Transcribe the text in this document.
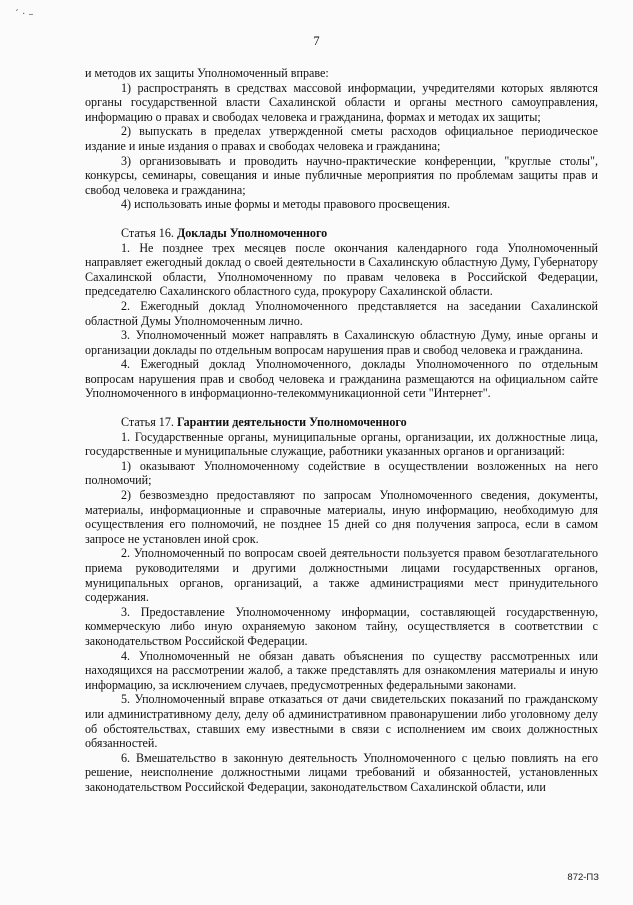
´ · –
7

и методов их защиты Уполномоченный вправе:

1) распространять в средствах массовой информации, учредителями которых являются органы государственной власти Сахалинской области и органы местного самоуправления, информацию о правах и свободах человека и гражданина, формах и методах их защиты;

2) выпускать в пределах утвержденной сметы расходов официальное периодическое издание и иные издания о правах и свободах человека и гражданина;

3) организовывать и проводить научно-практические конференции, "круглые столы", конкурсы, семинары, совещания и иные публичные мероприятия по проблемам защиты прав и свобод человека и гражданина;

4) использовать иные формы и методы правового просвещения.

Статья 16. Доклады Уполномоченного

1. Не позднее трех месяцев после окончания календарного года Уполномоченный направляет ежегодный доклад о своей деятельности в Сахалинскую областную Думу, Губернатору Сахалинской области, Уполномоченному по правам человека в Российской Федерации, председателю Сахалинского областного суда, прокурору Сахалинской области.

2. Ежегодный доклад Уполномоченного представляется на заседании Сахалинской областной Думы Уполномоченным лично.

3. Уполномоченный может направлять в Сахалинскую областную Думу, иные органы и организации доклады по отдельным вопросам нарушения прав и свобод человека и гражданина.

4. Ежегодный доклад Уполномоченного, доклады Уполномоченного по отдельным вопросам нарушения прав и свобод человека и гражданина размещаются на официальном сайте Уполномоченного в информационно-телекоммуникационной сети "Интернет".

Статья 17. Гарантии деятельности Уполномоченного

1. Государственные органы, муниципальные органы, организации, их должностные лица, государственные и муниципальные служащие, работники указанных органов и организаций:

1) оказывают Уполномоченному содействие в осуществлении возложенных на него полномочий;

2) безвозмездно предоставляют по запросам Уполномоченного сведения, документы, материалы, информационные и справочные материалы, иную информацию, необходимую для осуществления его полномочий, не позднее 15 дней со дня получения запроса, если в самом запросе не установлен иной срок.

2. Уполномоченный по вопросам своей деятельности пользуется правом безотлагательного приема руководителями и другими должностными лицами государственных органов, муниципальных органов, организаций, а также администрациями мест принудительного содержания.

3. Предоставление Уполномоченному информации, составляющей государственную, коммерческую либо иную охраняемую законом тайну, осуществляется в соответствии с законодательством Российской Федерации.

4. Уполномоченный не обязан давать объяснения по существу рассмотренных или находящихся на рассмотрении жалоб, а также представлять для ознакомления материалы и иную информацию, за исключением случаев, предусмотренных федеральными законами.

5. Уполномоченный вправе отказаться от дачи свидетельских показаний по гражданскому или административному делу, делу об административном правонарушении либо уголовному делу об обстоятельствах, ставших ему известными в связи с исполнением им своих должностных обязанностей.

6. Вмешательство в законную деятельность Уполномоченного с целью повлиять на его решение, неисполнение должностными лицами требований и обязанностей, установленных законодательством Российской Федерации, законодательством Сахалинской области, или

872-ПЗ
